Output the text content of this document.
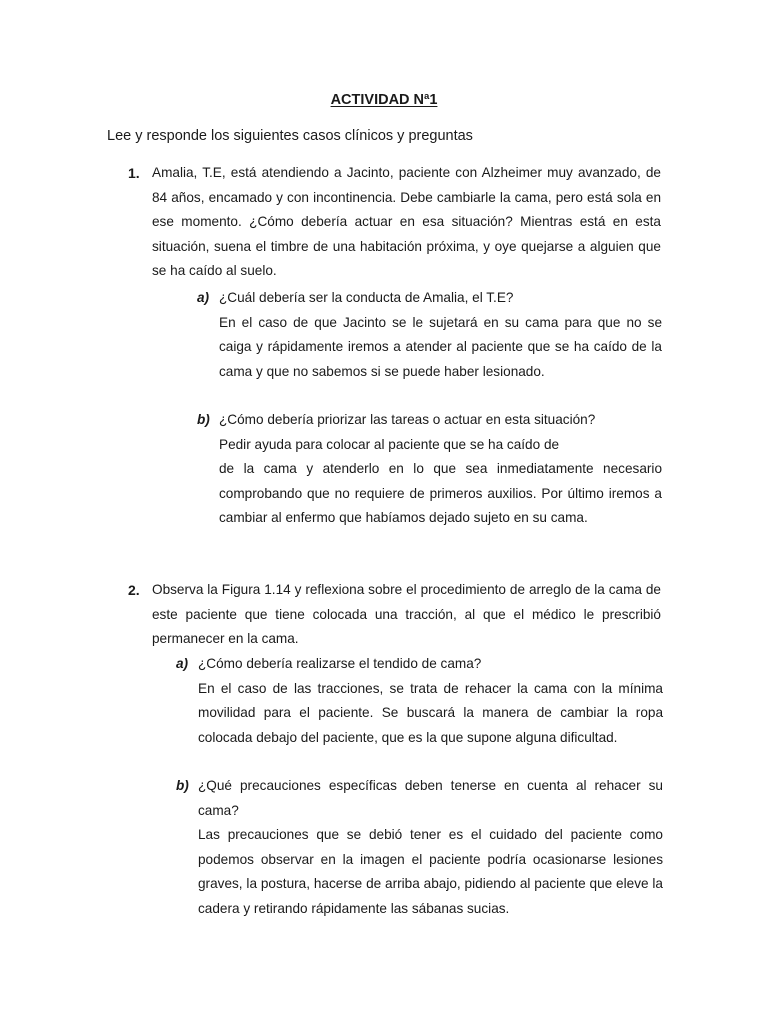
ACTIVIDAD Nª1
Lee y responde los siguientes casos clínicos y preguntas
1. Amalia, T.E, está atendiendo a Jacinto, paciente con Alzheimer muy avanzado, de 84 años, encamado y con incontinencia. Debe cambiarle la cama, pero está sola en ese momento. ¿Cómo debería actuar en esa situación? Mientras está en esta situación, suena el timbre de una habitación próxima, y oye quejarse a alguien que se ha caído al suelo.
a) ¿Cuál debería ser la conducta de Amalia, el T.E?
En el caso de que Jacinto se le sujetará en su cama para que no se caiga y rápidamente iremos a atender al paciente que se ha caído de la cama y que no sabemos si se puede haber lesionado.
b) ¿Cómo debería priorizar las tareas o actuar en esta situación?
Pedir ayuda para colocar al paciente que se ha caído de
de la cama y atenderlo en lo que sea inmediatamente necesario comprobando que no requiere de primeros auxilios. Por último iremos a cambiar al enfermo que habíamos dejado sujeto en su cama.
2. Observa la Figura 1.14 y reflexiona sobre el procedimiento de arreglo de la cama de este paciente que tiene colocada una tracción, al que el médico le prescribió permanecer en la cama.
a) ¿Cómo debería realizarse el tendido de cama?
En el caso de las tracciones, se trata de rehacer la cama con la mínima movilidad para el paciente. Se buscará la manera de cambiar la ropa colocada debajo del paciente, que es la que supone alguna dificultad.
b) ¿Qué precauciones específicas deben tenerse en cuenta al rehacer su cama?
Las precauciones que se debió tener es el cuidado del paciente como podemos observar en la imagen el paciente podría ocasionarse lesiones graves, la postura, hacerse de arriba abajo, pidiendo al paciente que eleve la cadera y retirando rápidamente las sábanas sucias.
